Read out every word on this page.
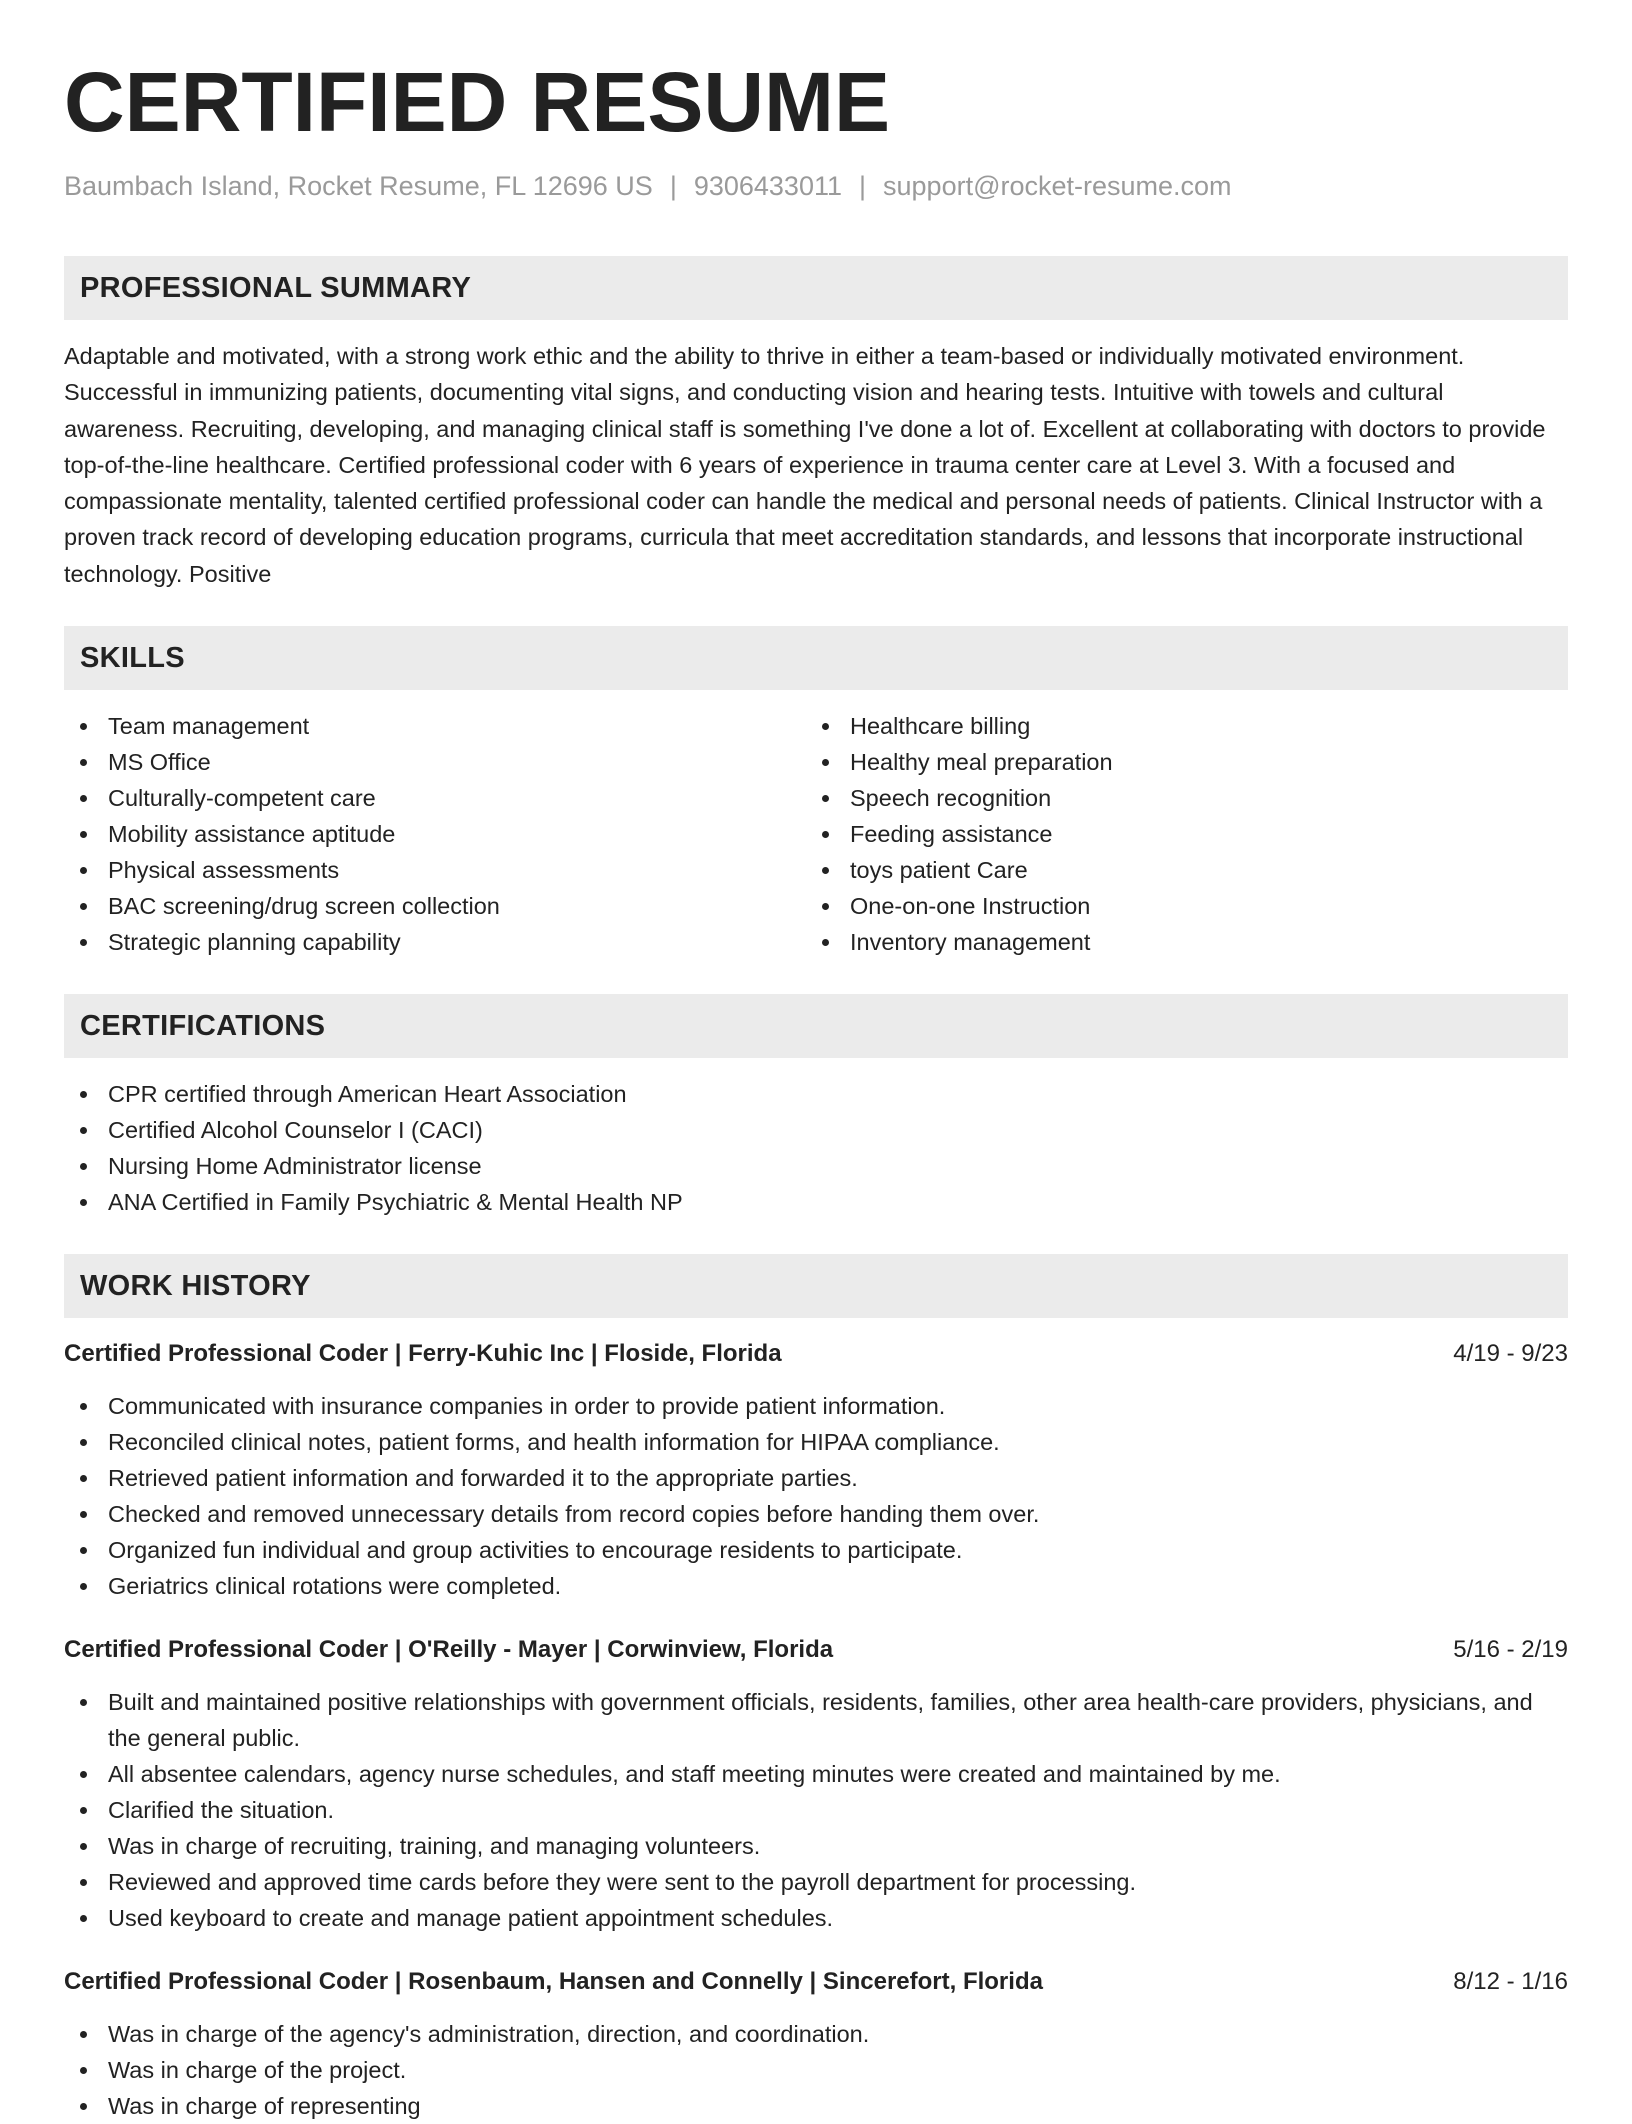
CERTIFIED RESUME
Baumbach Island, Rocket Resume, FL 12696 US | 9306433011 | support@rocket-resume.com
PROFESSIONAL SUMMARY

Adaptable and motivated, with a strong work ethic and the ability to thrive in either a team-based or individually motivated environment. Successful in immunizing patients, documenting vital signs, and conducting vision and hearing tests. Intuitive with towels and cultural awareness. Recruiting, developing, and managing clinical staff is something I've done a lot of. Excellent at collaborating with doctors to provide top-of-the-line healthcare. Certified professional coder with 6 years of experience in trauma center care at Level 3. With a focused and compassionate mentality, talented certified professional coder can handle the medical and personal needs of patients. Clinical Instructor with a proven track record of developing education programs, curricula that meet accreditation standards, and lessons that incorporate instructional technology. Positive

SKILLS
Team management
MS Office
Culturally-competent care
Mobility assistance aptitude
Physical assessments
BAC screening/drug screen collection
Strategic planning capability
Healthcare billing
Healthy meal preparation
Speech recognition
Feeding assistance
toys patient Care
One-on-one Instruction
Inventory management
CERTIFICATIONS
CPR certified through American Heart Association
Certified Alcohol Counselor I (CACI)
Nursing Home Administrator license
ANA Certified in Family Psychiatric & Mental Health NP
WORK HISTORY
Certified Professional Coder | Ferry-Kuhic Inc | Floside, Florida	4/19 - 9/23
Communicated with insurance companies in order to provide patient information.
Reconciled clinical notes, patient forms, and health information for HIPAA compliance.
Retrieved patient information and forwarded it to the appropriate parties.
Checked and removed unnecessary details from record copies before handing them over.
Organized fun individual and group activities to encourage residents to participate.
Geriatrics clinical rotations were completed.
Certified Professional Coder | O'Reilly - Mayer | Corwinview, Florida	5/16 - 2/19
Built and maintained positive relationships with government officials, residents, families, other area health-care providers, physicians, and the general public.
All absentee calendars, agency nurse schedules, and staff meeting minutes were created and maintained by me.
Clarified the situation.
Was in charge of recruiting, training, and managing volunteers.
Reviewed and approved time cards before they were sent to the payroll department for processing.
Used keyboard to create and manage patient appointment schedules.
Certified Professional Coder | Rosenbaum, Hansen and Connelly | Sincerefort, Florida	8/12 - 1/16
Was in charge of the agency's administration, direction, and coordination.
Was in charge of the project.
Was in charge of representing
